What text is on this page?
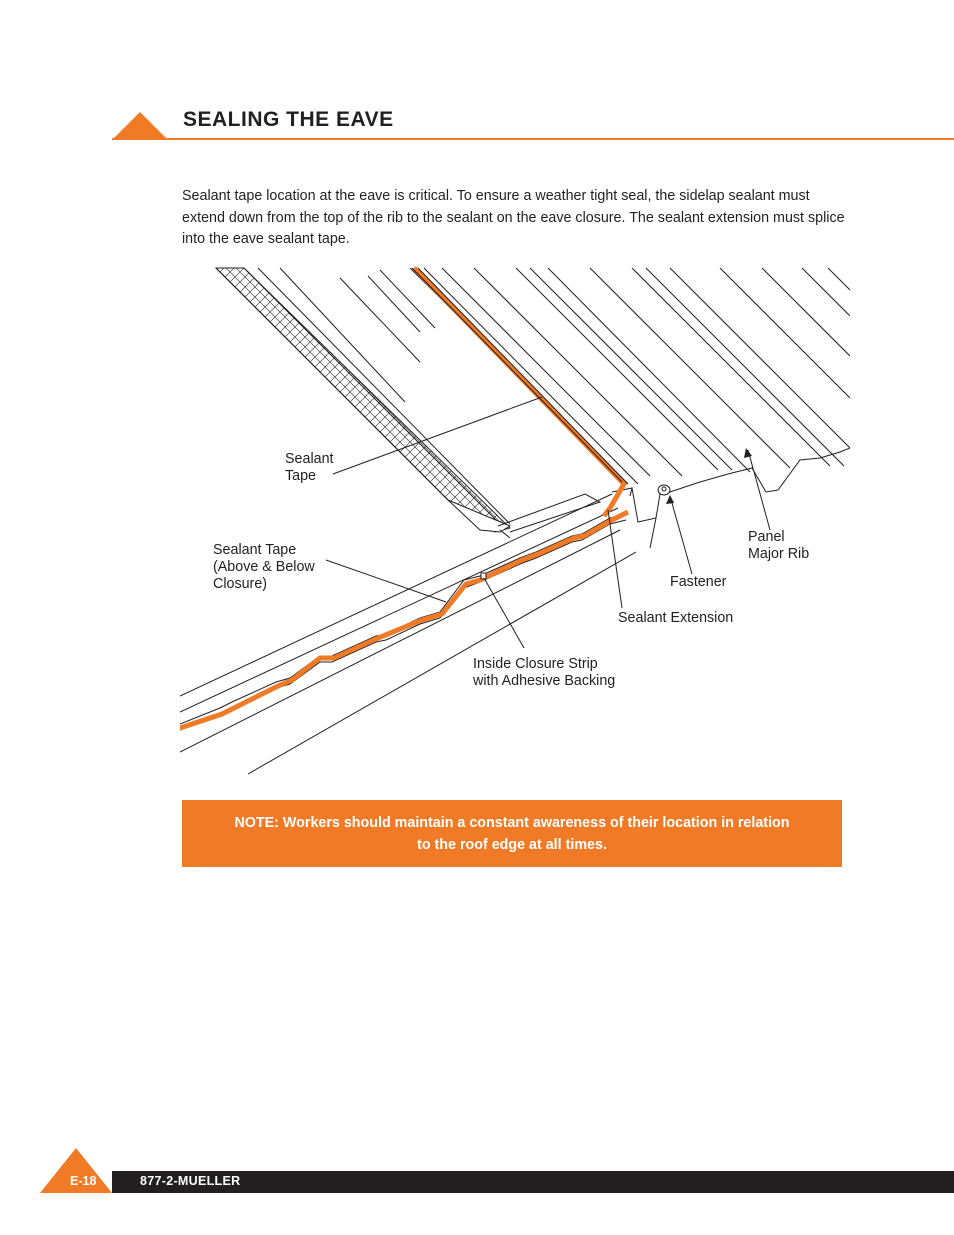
SEALING THE EAVE

Sealant tape location at the eave is critical. To ensure a weather tight seal, the sidelap sealant must extend down from the top of the rib to the sealant on the eave closure. The sealant extension must splice into the eave sealant tape.

Sealant
Tape
Sealant Tape
(Above & Below
Closure)
Panel
Major Rib
Fastener
Sealant Extension
Inside Closure Strip
with Adhesive Backing
NOTE: Workers should maintain a constant awareness of their location in relation
to the roof edge at all times.
E-18	877-2-MUELLER
